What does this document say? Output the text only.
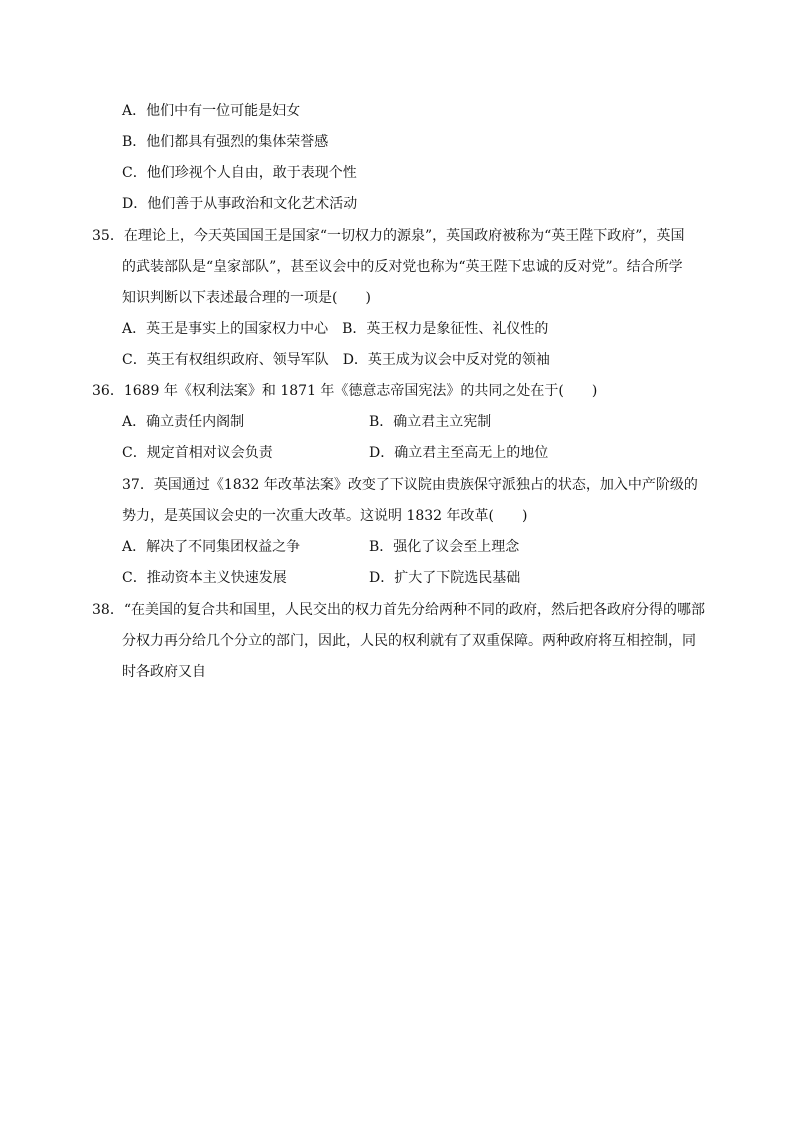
A．他们中有一位可能是妇女
B．他们都具有强烈的集体荣誉感
C．他们珍视个人自由，敢于表现个性
D．他们善于从事政治和文化艺术活动
35．在理论上，今天英国国王是国家“一切权力的源泉”，英国政府被称为“英王陛下政府”，英国
的武装部队是“皇家部队”，甚至议会中的反对党也称为“英王陛下忠诚的反对党”。结合所学
知识判断以下表述最合理的一项是(　　)
A．英王是事实上的国家权力中心　B．英王权力是象征性、礼仪性的
C．英王有权组织政府、领导军队　D．英王成为议会中反对党的领袖
36．1689 年《权利法案》和 1871 年《德意志帝国宪法》的共同之处在于(　　)
A．确立责任内阁制	B．确立君主立宪制
C．规定首相对议会负责	D．确立君主至高无上的地位
37．英国通过《1832 年改革法案》改变了下议院由贵族保守派独占的状态，加入中产阶级的
势力，是英国议会史的一次重大改革。这说明 1832 年改革(　　)
A．解决了不同集团权益之争	B．强化了议会至上理念
C．推动资本主义快速发展	D．扩大了下院选民基础
38．“在美国的复合共和国里，人民交出的权力首先分给两种不同的政府，然后把各政府分得的哪部
分权力再分给几个分立的部门，因此，人民的权利就有了双重保障。两种政府将互相控制，同
时各政府又自
